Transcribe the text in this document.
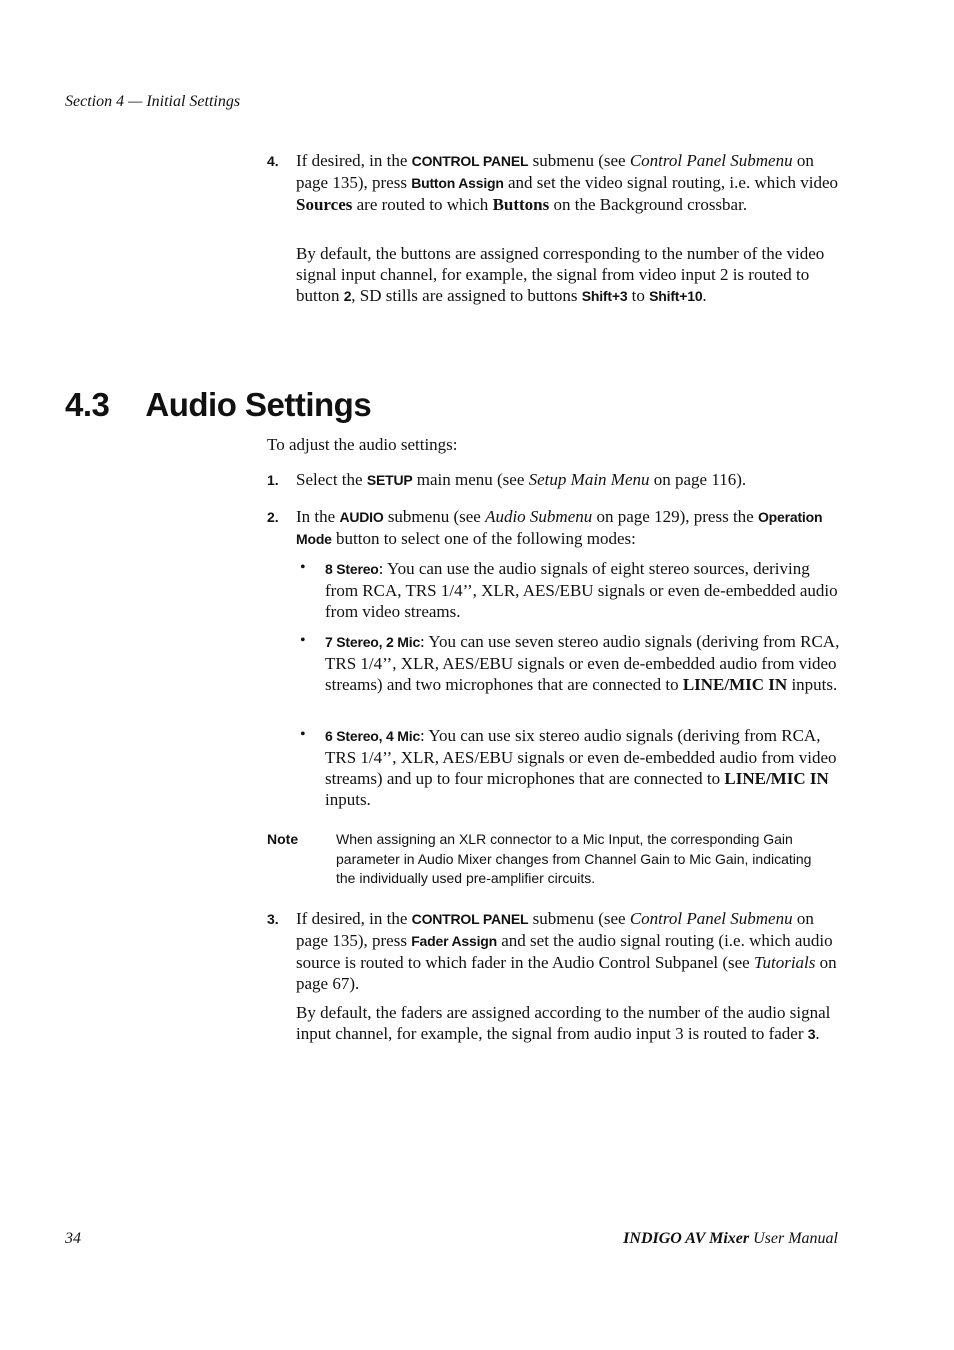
Section 4 — Initial Settings
4. If desired, in the CONTROL PANEL submenu (see Control Panel Submenu on page 135), press Button Assign and set the video signal routing, i.e. which video Sources are routed to which Buttons on the Background crossbar.
By default, the buttons are assigned corresponding to the number of the video signal input channel, for example, the signal from video input 2 is routed to button 2, SD stills are assigned to buttons Shift+3 to Shift+10.
4.3 Audio Settings
To adjust the audio settings:
1. Select the SETUP main menu (see Setup Main Menu on page 116).
2. In the AUDIO submenu (see Audio Submenu on page 129), press the Operation Mode button to select one of the following modes:
• 8 Stereo: You can use the audio signals of eight stereo sources, deriving from RCA, TRS 1/4’’, XLR, AES/EBU signals or even de-embedded audio from video streams.
• 7 Stereo, 2 Mic: You can use seven stereo audio signals (deriving from RCA, TRS 1/4’’, XLR, AES/EBU signals or even de-embedded audio from video streams) and two microphones that are connected to LINE/MIC IN inputs.
• 6 Stereo, 4 Mic: You can use six stereo audio signals (deriving from RCA, TRS 1/4’’, XLR, AES/EBU signals or even de-embedded audio from video streams) and up to four microphones that are connected to LINE/MIC IN inputs.
Note	When assigning an XLR connector to a Mic Input, the corresponding Gain parameter in Audio Mixer changes from Channel Gain to Mic Gain, indicating the individually used pre-amplifier circuits.
3. If desired, in the CONTROL PANEL submenu (see Control Panel Submenu on page 135), press Fader Assign and set the audio signal routing (i.e. which audio source is routed to which fader in the Audio Control Subpanel (see Tutorials on page 67).
By default, the faders are assigned according to the number of the audio signal input channel, for example, the signal from audio input 3 is routed to fader 3.
34	INDIGO AV Mixer User Manual
